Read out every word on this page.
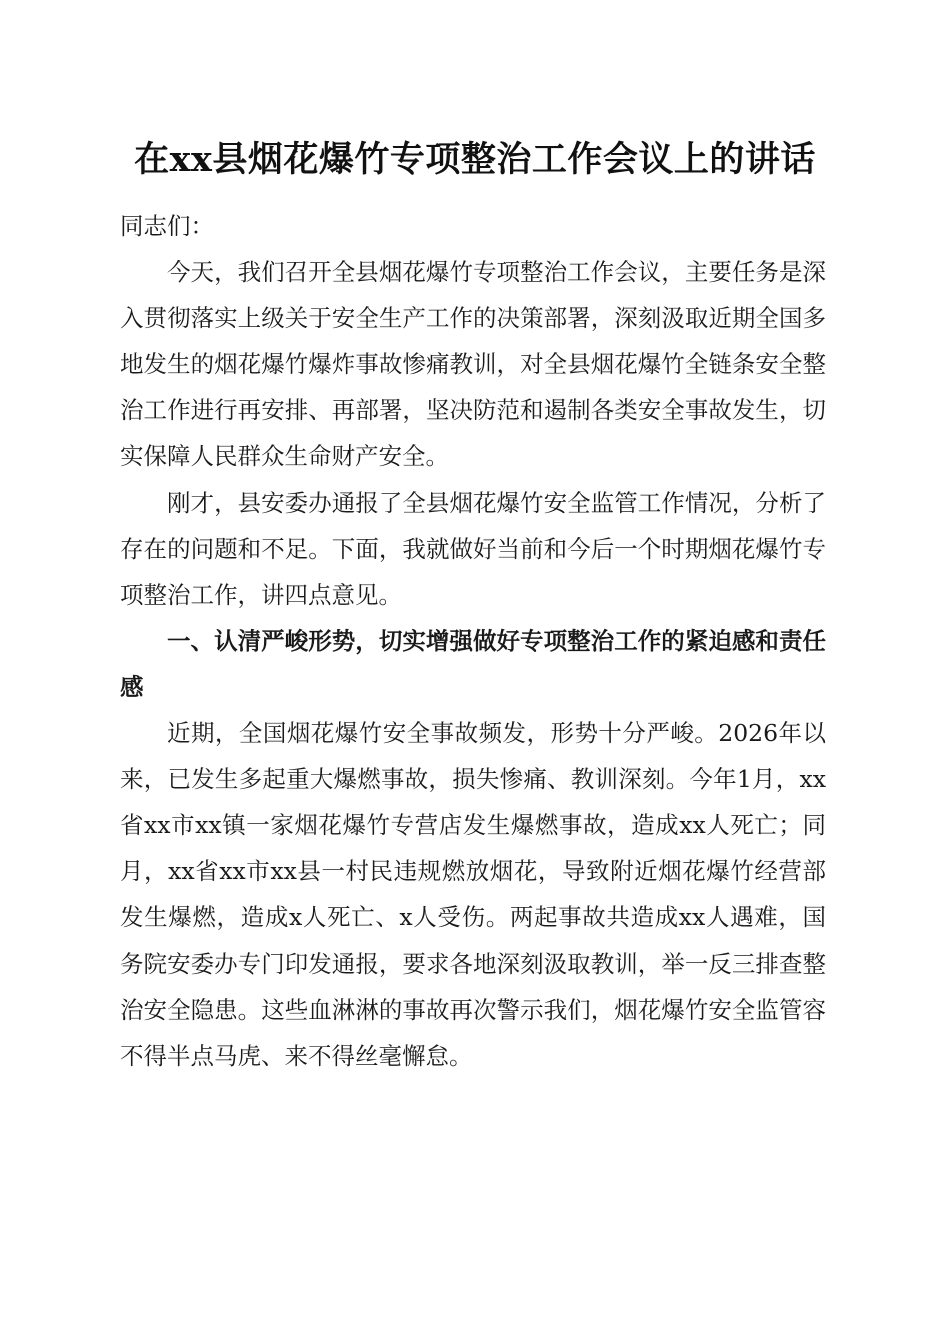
在xx县烟花爆竹专项整治工作会议上的讲话

同志们：

今天，我们召开全县烟花爆竹专项整治工作会议，主要任务是深入贯彻落实上级关于安全生产工作的决策部署，深刻汲取近期全国多地发生的烟花爆竹爆炸事故惨痛教训，对全县烟花爆竹全链条安全整治工作进行再安排、再部署，坚决防范和遏制各类安全事故发生，切实保障人民群众生命财产安全。

刚才，县安委办通报了全县烟花爆竹安全监管工作情况，分析了存在的问题和不足。下面，我就做好当前和今后一个时期烟花爆竹专项整治工作，讲四点意见。

一、认清严峻形势，切实增强做好专项整治工作的紧迫感和责任感

近期，全国烟花爆竹安全事故频发，形势十分严峻。2026年以来，已发生多起重大爆燃事故，损失惨痛、教训深刻。今年1月，xx省xx市xx镇一家烟花爆竹专营店发生爆燃事故，造成xx人死亡；同月，xx省xx市xx县一村民违规燃放烟花，导致附近烟花爆竹经营部发生爆燃，造成x人死亡、x人受伤。两起事故共造成xx人遇难，国务院安委办专门印发通报，要求各地深刻汲取教训，举一反三排查整治安全隐患。这些血淋淋的事故再次警示我们，烟花爆竹安全监管容不得半点马虎、来不得丝毫懈怠。
